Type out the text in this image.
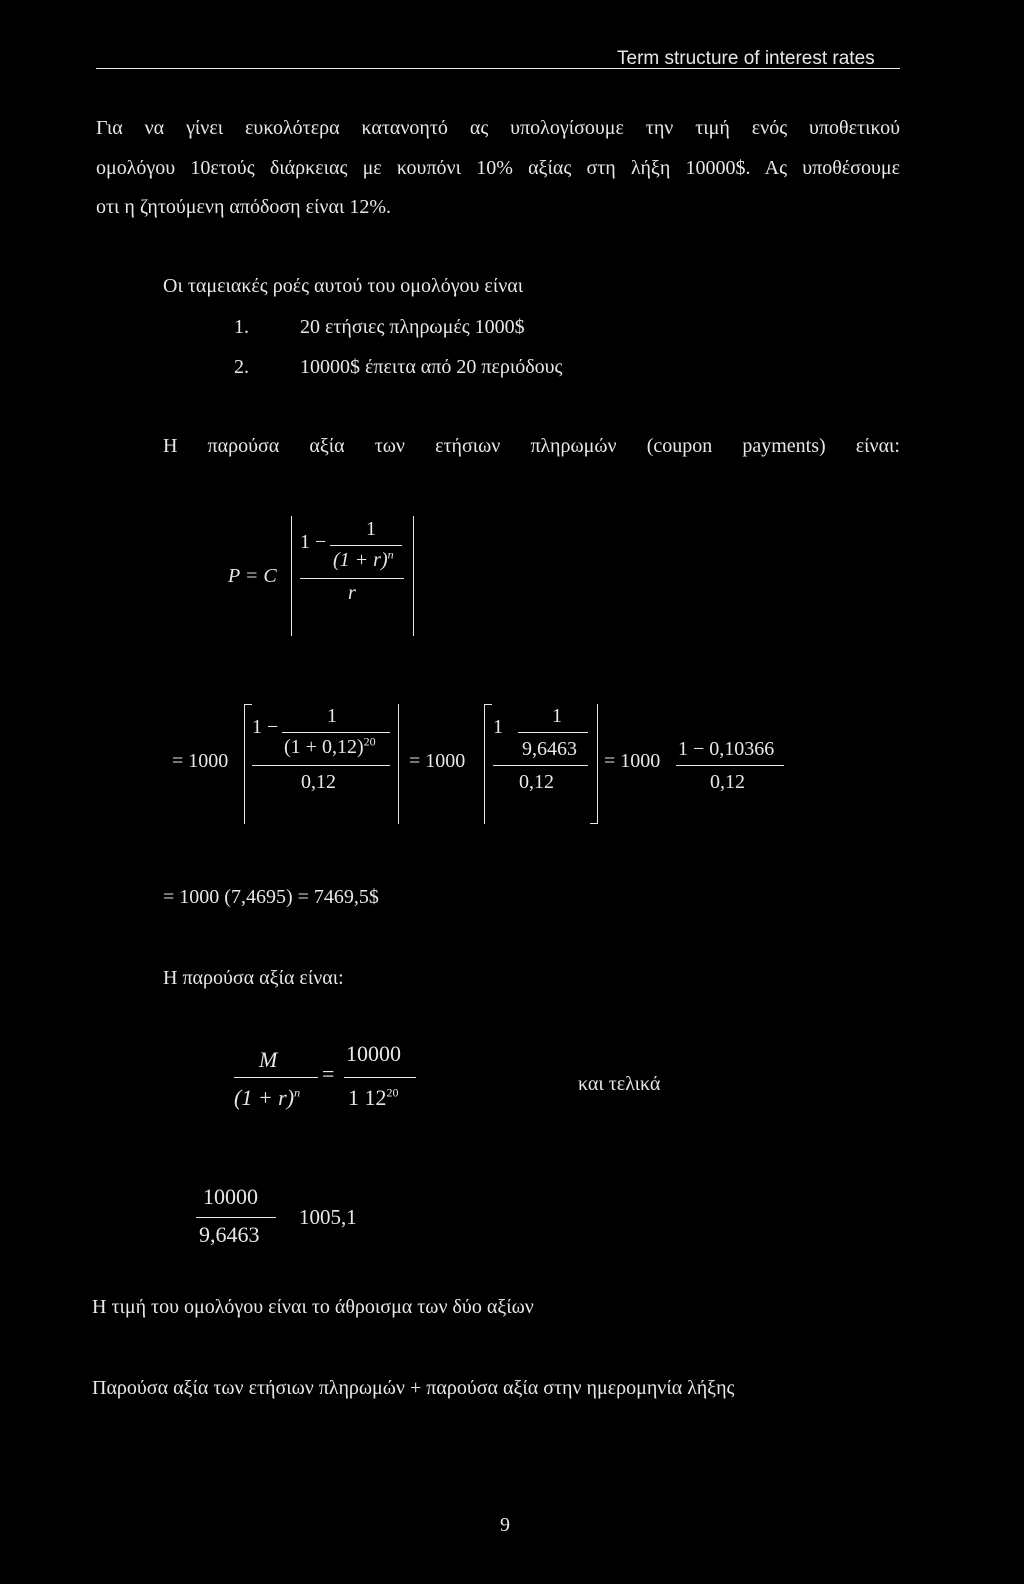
Term structure of interest rates
Για να γίνει ευκολότερα κατανοητό ας υπολογίσουμε την τιμή ενός υποθετικού
ομολόγου 10ετούς διάρκειας με κουπόνι 10% αξίας στη λήξη 10000$. Ας υποθέσουμε
οτι η ζητούμενη απόδοση είναι 12%.
Οι ταμειακές ροές αυτού του ομολόγου είναι
1.	20 ετήσιες πληρωμές 1000$
2.	10000$ έπειτα από 20 περιόδους
Η παρούσα αξία των ετήσιων πληρωμών (coupon payments) είναι:
P = C
1 −
1
$(1 + r)^n$
r
= 1000
1 − 1
$(1 + 0,12)^{20}$
0,12
= 1000
1 1
9,6463
0,12
= 1000
1 − 0,10366
0,12
= 1000 (7,4695) = 7469,5$
Η παρούσα αξία είναι:
M
$(1 + r)^n$
=
10000
1 $12^{20}$	και τελικά
10000
9,6463
1005,1
Η τιμή του ομολόγου είναι το άθροισμα των δύο αξίων
Παρούσα αξία των ετήσιων πληρωμών + παρούσα αξία στην ημερομηνία λήξης
9
